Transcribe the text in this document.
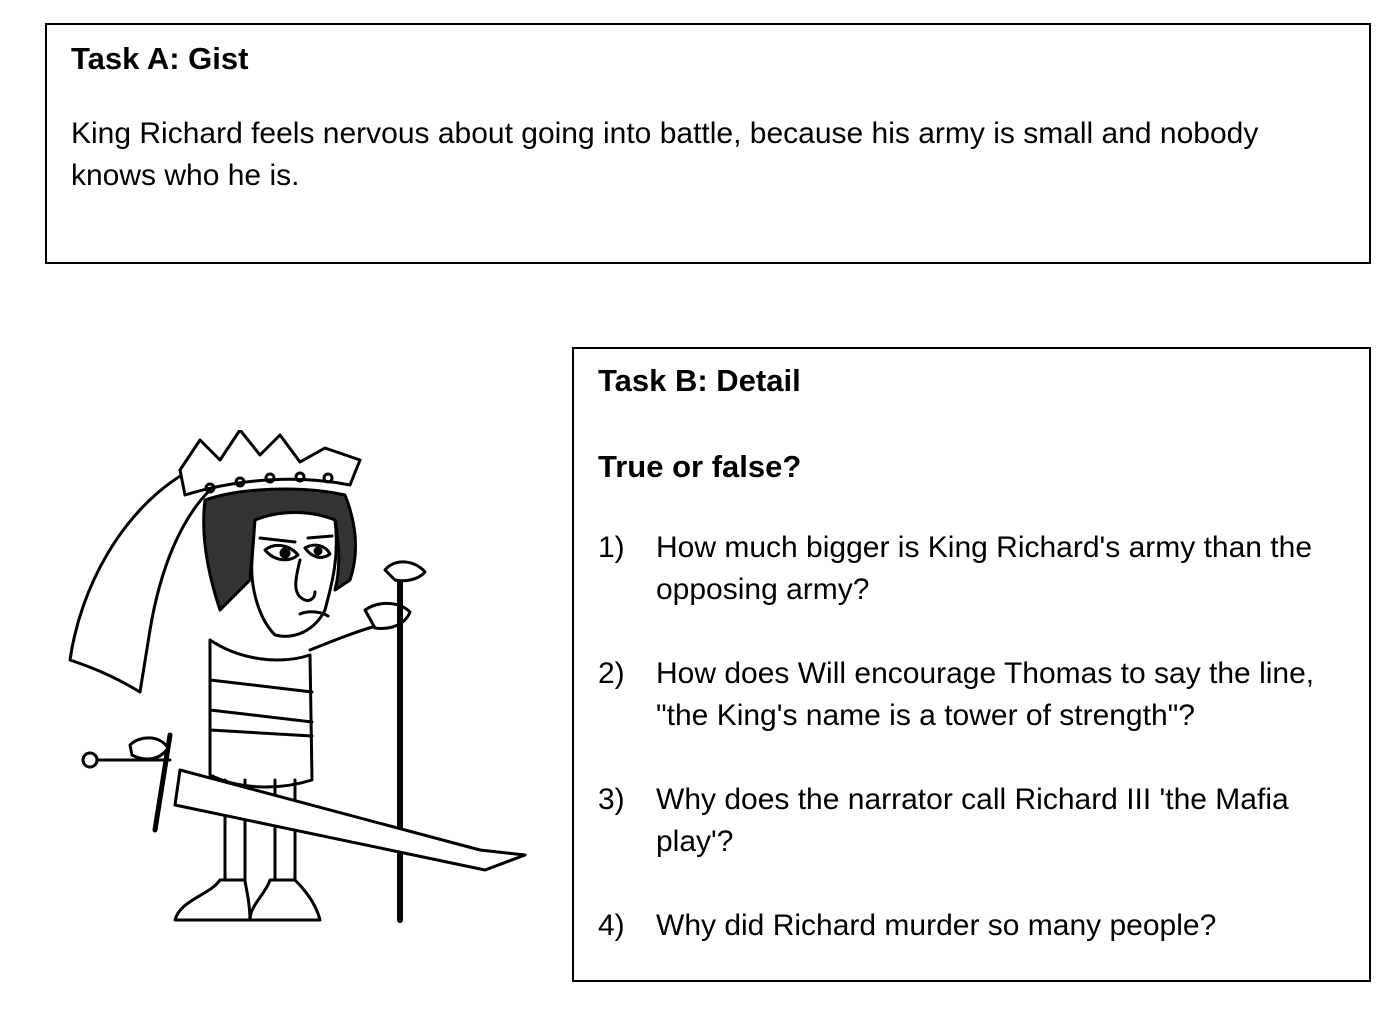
Task A: Gist

King Richard feels nervous about going into battle, because his army is small and nobody knows who he is.

Task B: Detail

True or false?

1)	How much bigger is King Richard's army than the opposing army?
2)	How does Will encourage Thomas to say the line, "the King's name is a tower of strength"?
3)	Why does the narrator call Richard III 'the Mafia play'?
4)	Why did Richard murder so many people?
